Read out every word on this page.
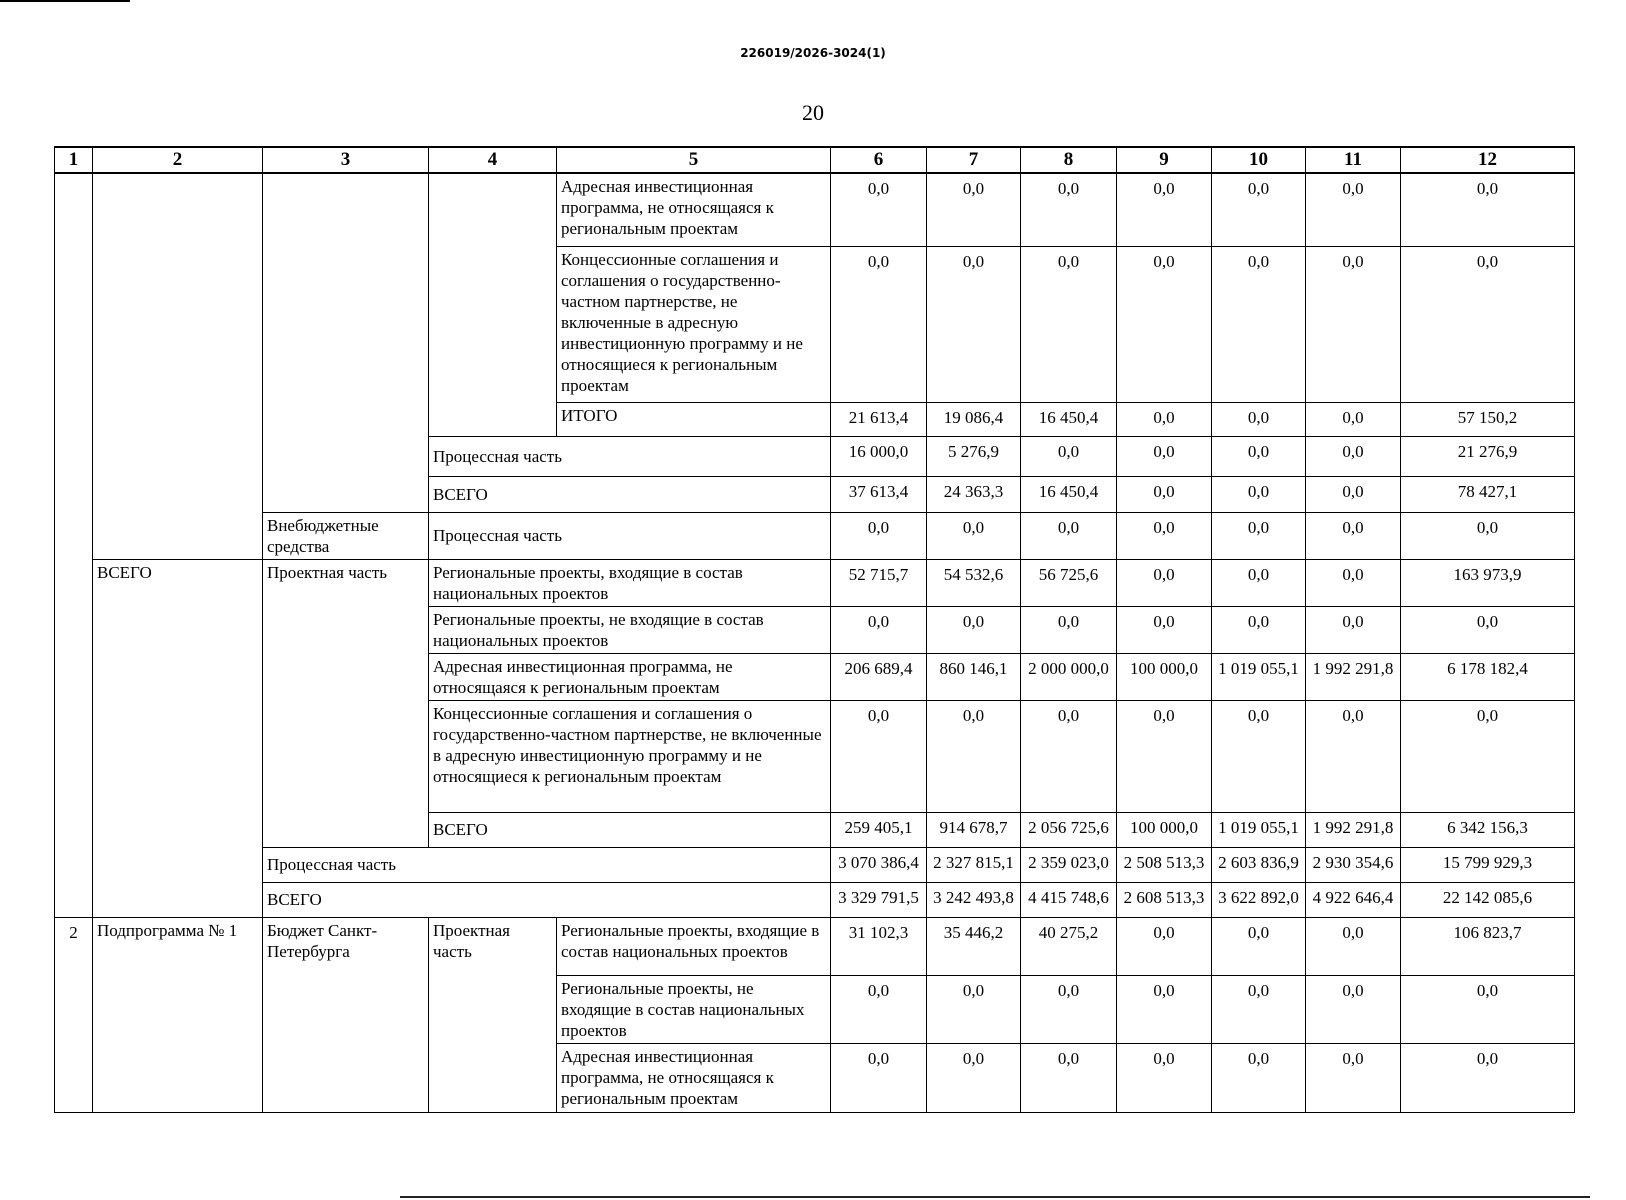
226019/2026-3024(1)
20
1	2	3	4	5	6	7	8	9	10	11	12
				Адресная инвестиционная программа, не относящаяся к региональным проектам	0,0	0,0	0,0	0,0	0,0	0,0	0,0
				Концессионные соглашения и соглашения о государственно-частном партнерстве, не включенные в адресную инвестиционную программу и не относящиеся к региональным проектам	0,0	0,0	0,0	0,0	0,0	0,0	0,0
				ИТОГО	21 613,4	19 086,4	16 450,4	0,0	0,0	0,0	57 150,2
			Процессная часть		16 000,0	5 276,9	0,0	0,0	0,0	0,0	21 276,9
			ВСЕГО		37 613,4	24 363,3	16 450,4	0,0	0,0	0,0	78 427,1
		Внебюджетные средства	Процессная часть		0,0	0,0	0,0	0,0	0,0	0,0	0,0
	ВСЕГО	Проектная часть	Региональные проекты, входящие в состав национальных проектов		52 715,7	54 532,6	56 725,6	0,0	0,0	0,0	163 973,9
			Региональные проекты, не входящие в состав национальных проектов		0,0	0,0	0,0	0,0	0,0	0,0	0,0
			Адресная инвестиционная программа, не относящаяся к региональным проектам		206 689,4	860 146,1	2 000 000,0	100 000,0	1 019 055,1	1 992 291,8	6 178 182,4
			Концессионные соглашения и соглашения о государственно-частном партнерстве, не включенные в адресную инвестиционную программу и не относящиеся к региональным проектам		0,0	0,0	0,0	0,0	0,0	0,0	0,0
			ВСЕГО		259 405,1	914 678,7	2 056 725,6	100 000,0	1 019 055,1	1 992 291,8	6 342 156,3
		Процессная часть			3 070 386,4	2 327 815,1	2 359 023,0	2 508 513,3	2 603 836,9	2 930 354,6	15 799 929,3
		ВСЕГО			3 329 791,5	3 242 493,8	4 415 748,6	2 608 513,3	3 622 892,0	4 922 646,4	22 142 085,6
2	Подпрограмма № 1	Бюджет Санкт-Петербурга	Проектная часть	Региональные проекты, входящие в состав национальных проектов	31 102,3	35 446,2	40 275,2	0,0	0,0	0,0	106 823,7
				Региональные проекты, не входящие в состав национальных проектов	0,0	0,0	0,0	0,0	0,0	0,0	0,0
				Адресная инвестиционная программа, не относящаяся к региональным проектам	0,0	0,0	0,0	0,0	0,0	0,0	0,0
